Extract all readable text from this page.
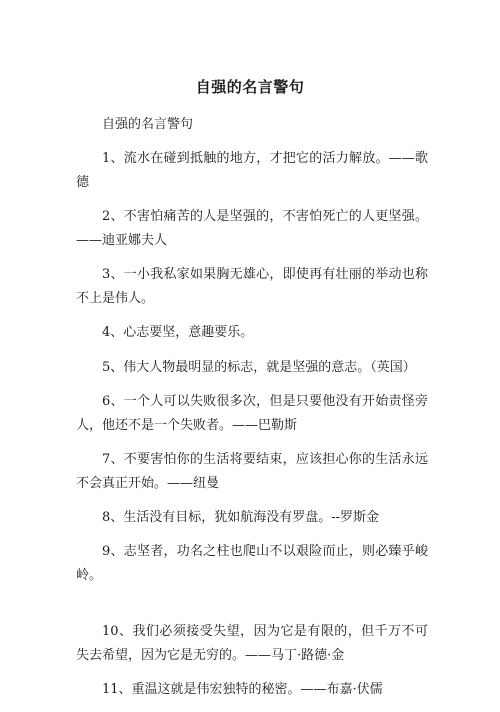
自强的名言警句

自强的名言警句

1、流水在碰到抵触的地方，才把它的活力解放。——歌德

2、不害怕痛苦的人是坚强的，不害怕死亡的人更坚强。——迪亚娜夫人

3、一小我私家如果胸无雄心，即使再有壮丽的举动也称不上是伟人。

4、心志要坚，意趣要乐。

5、伟大人物最明显的标志，就是坚强的意志。（英国）

6、一个人可以失败很多次，但是只要他没有开始责怪旁人，他还不是一个失败者。——巴勒斯

7、不要害怕你的生活将要结束，应该担心你的生活永远不会真正开始。——纽曼

8、生活没有目标，犹如航海没有罗盘。--罗斯金

9、志坚者，功名之柱也爬山不以艰险而止，则必臻乎峻岭。

10、我们必须接受失望，因为它是有限的，但千万不可失去希望，因为它是无穷的。——马丁·路德·金

11、重温这就是伟宏独特的秘密。——布嘉·伏儒
